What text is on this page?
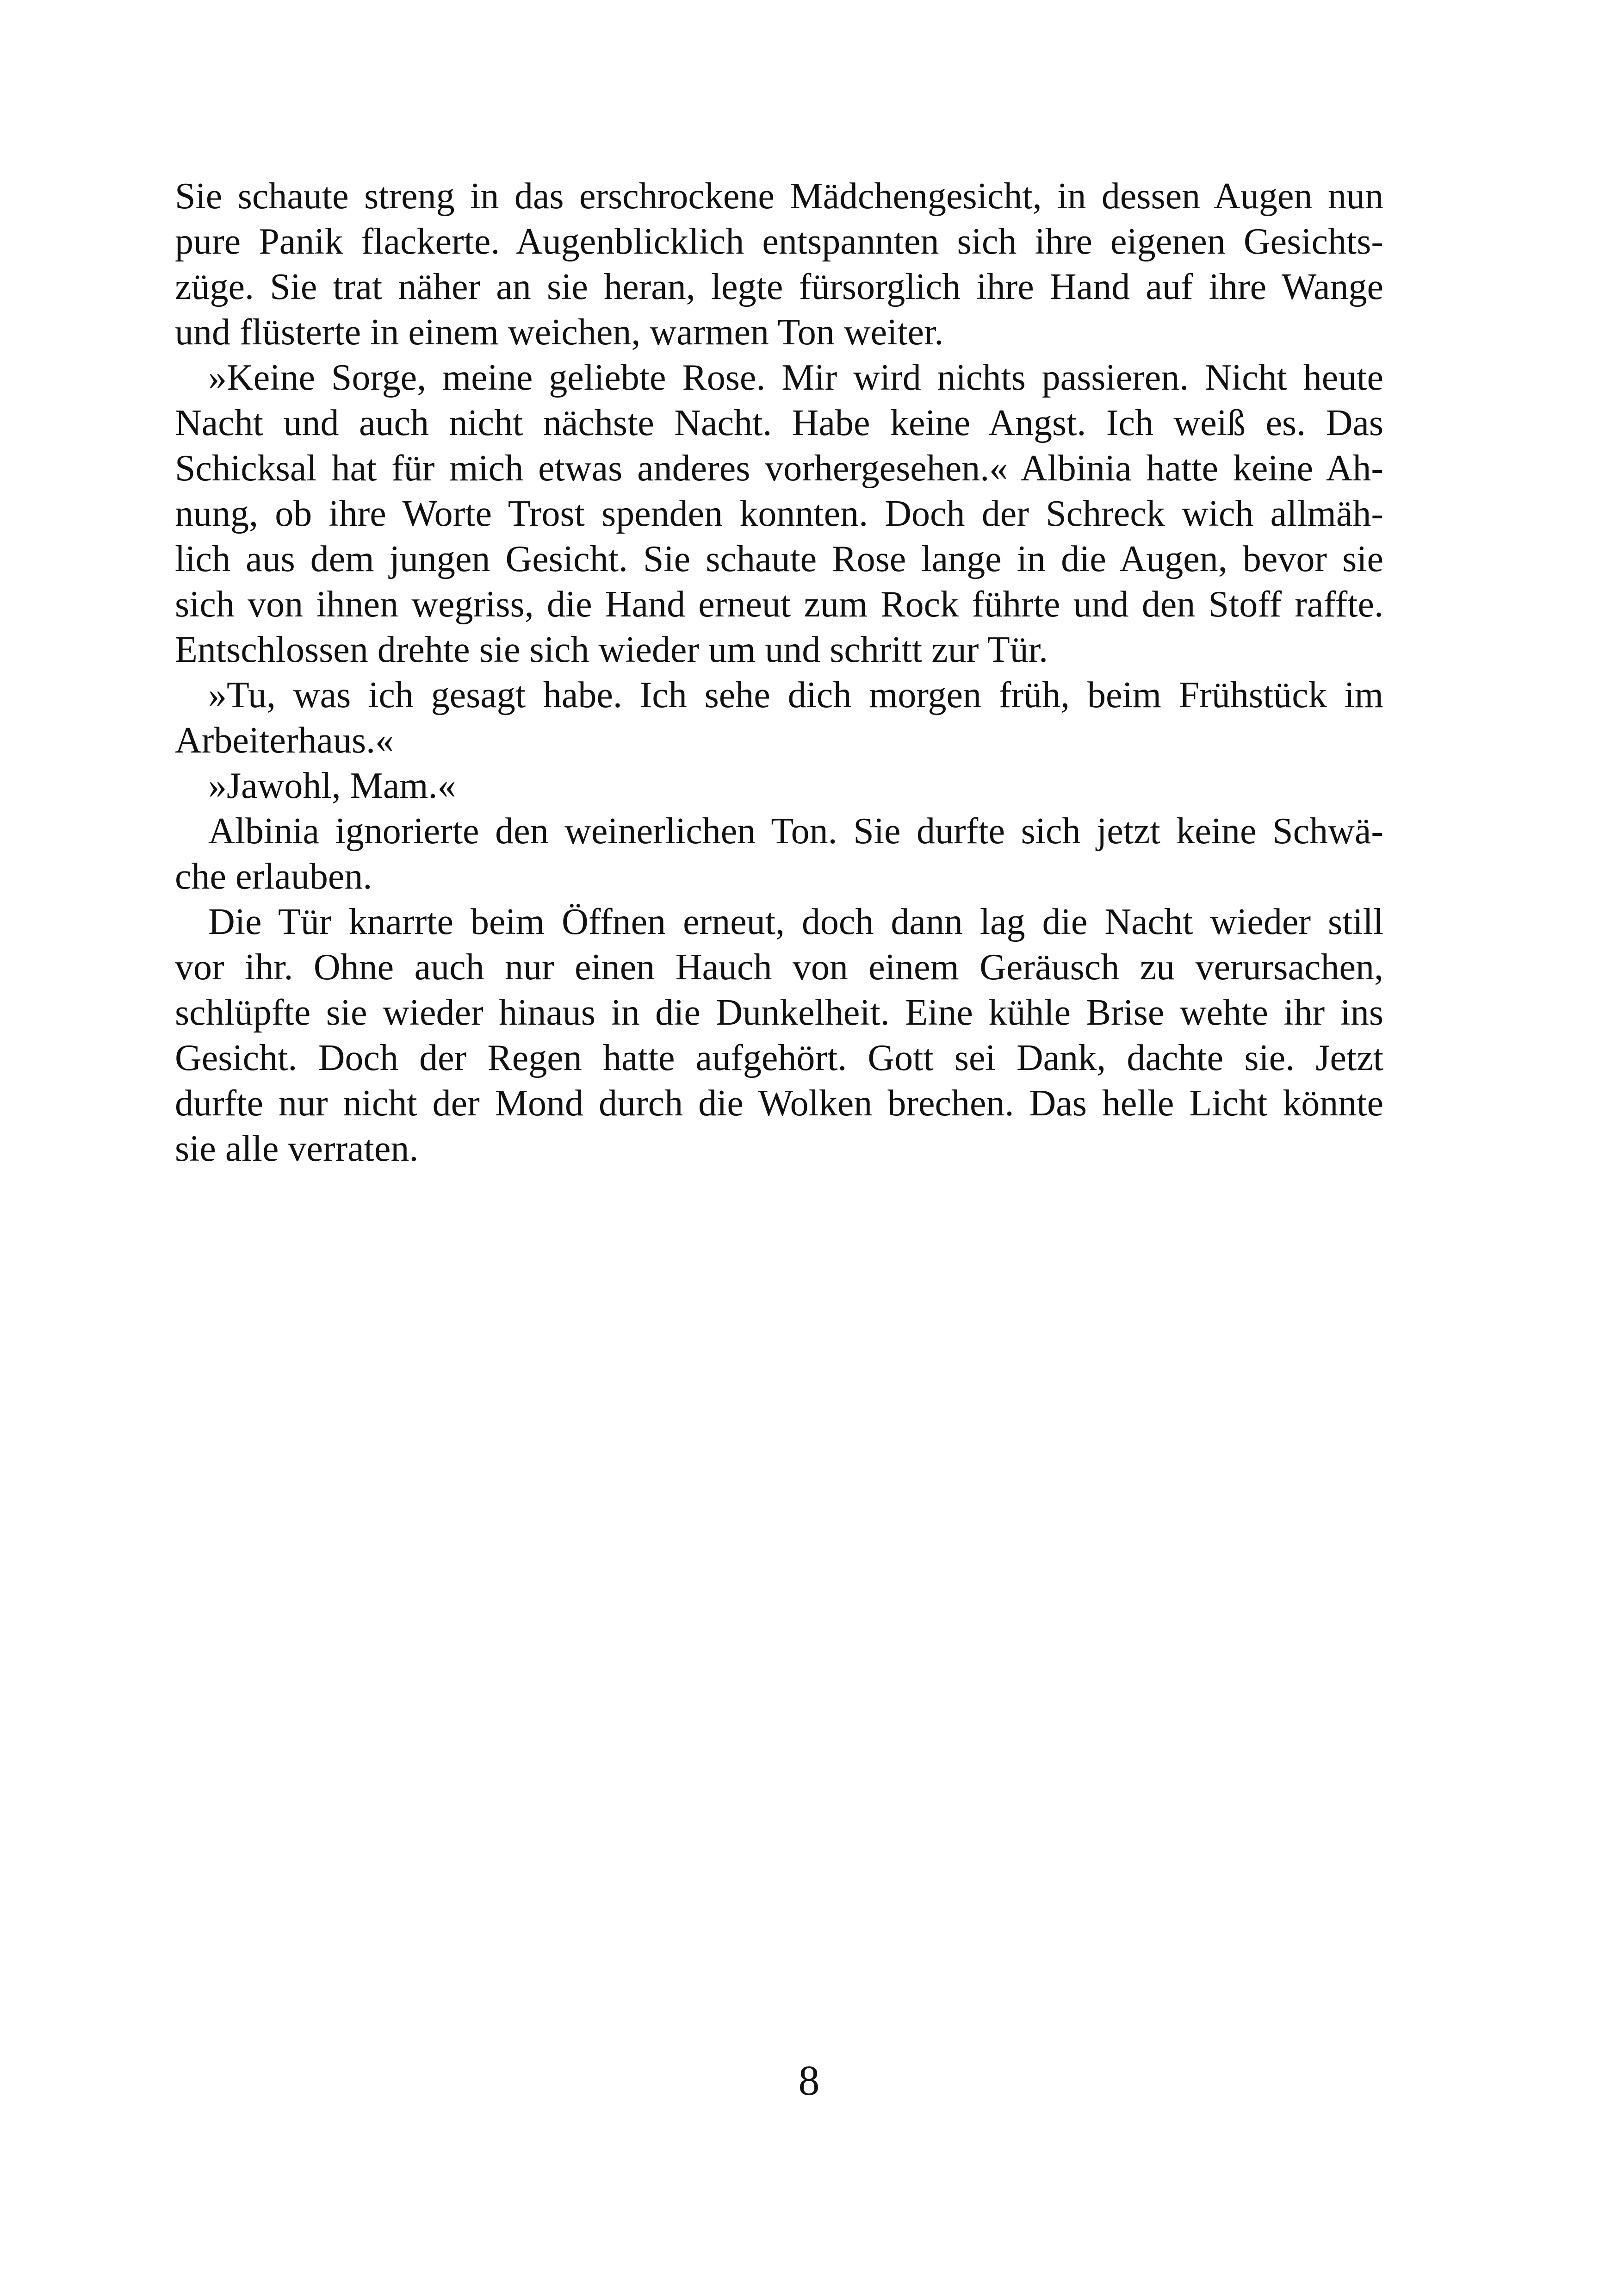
Sie schaute streng in das erschrockene Mädchengesicht, in dessen Augen nun
pure Panik flackerte. Augenblicklich entspannten sich ihre eigenen Gesichts-
züge. Sie trat näher an sie heran, legte fürsorglich ihre Hand auf ihre Wange
und flüsterte in einem weichen, warmen Ton weiter.
»Keine Sorge, meine geliebte Rose. Mir wird nichts passieren. Nicht heute
Nacht und auch nicht nächste Nacht. Habe keine Angst. Ich weiß es. Das
Schicksal hat für mich etwas anderes vorhergesehen.« Albinia hatte keine Ah-
nung, ob ihre Worte Trost spenden konnten. Doch der Schreck wich allmäh-
lich aus dem jungen Gesicht. Sie schaute Rose lange in die Augen, bevor sie
sich von ihnen wegriss, die Hand erneut zum Rock führte und den Stoff raffte.
Entschlossen drehte sie sich wieder um und schritt zur Tür.
»Tu, was ich gesagt habe. Ich sehe dich morgen früh, beim Frühstück im
Arbeiterhaus.«
»Jawohl, Mam.«
Albinia ignorierte den weinerlichen Ton. Sie durfte sich jetzt keine Schwä-
che erlauben.
Die Tür knarrte beim Öffnen erneut, doch dann lag die Nacht wieder still
vor ihr. Ohne auch nur einen Hauch von einem Geräusch zu verursachen,
schlüpfte sie wieder hinaus in die Dunkelheit. Eine kühle Brise wehte ihr ins
Gesicht. Doch der Regen hatte aufgehört. Gott sei Dank, dachte sie. Jetzt
durfte nur nicht der Mond durch die Wolken brechen. Das helle Licht könnte
sie alle verraten.
8
